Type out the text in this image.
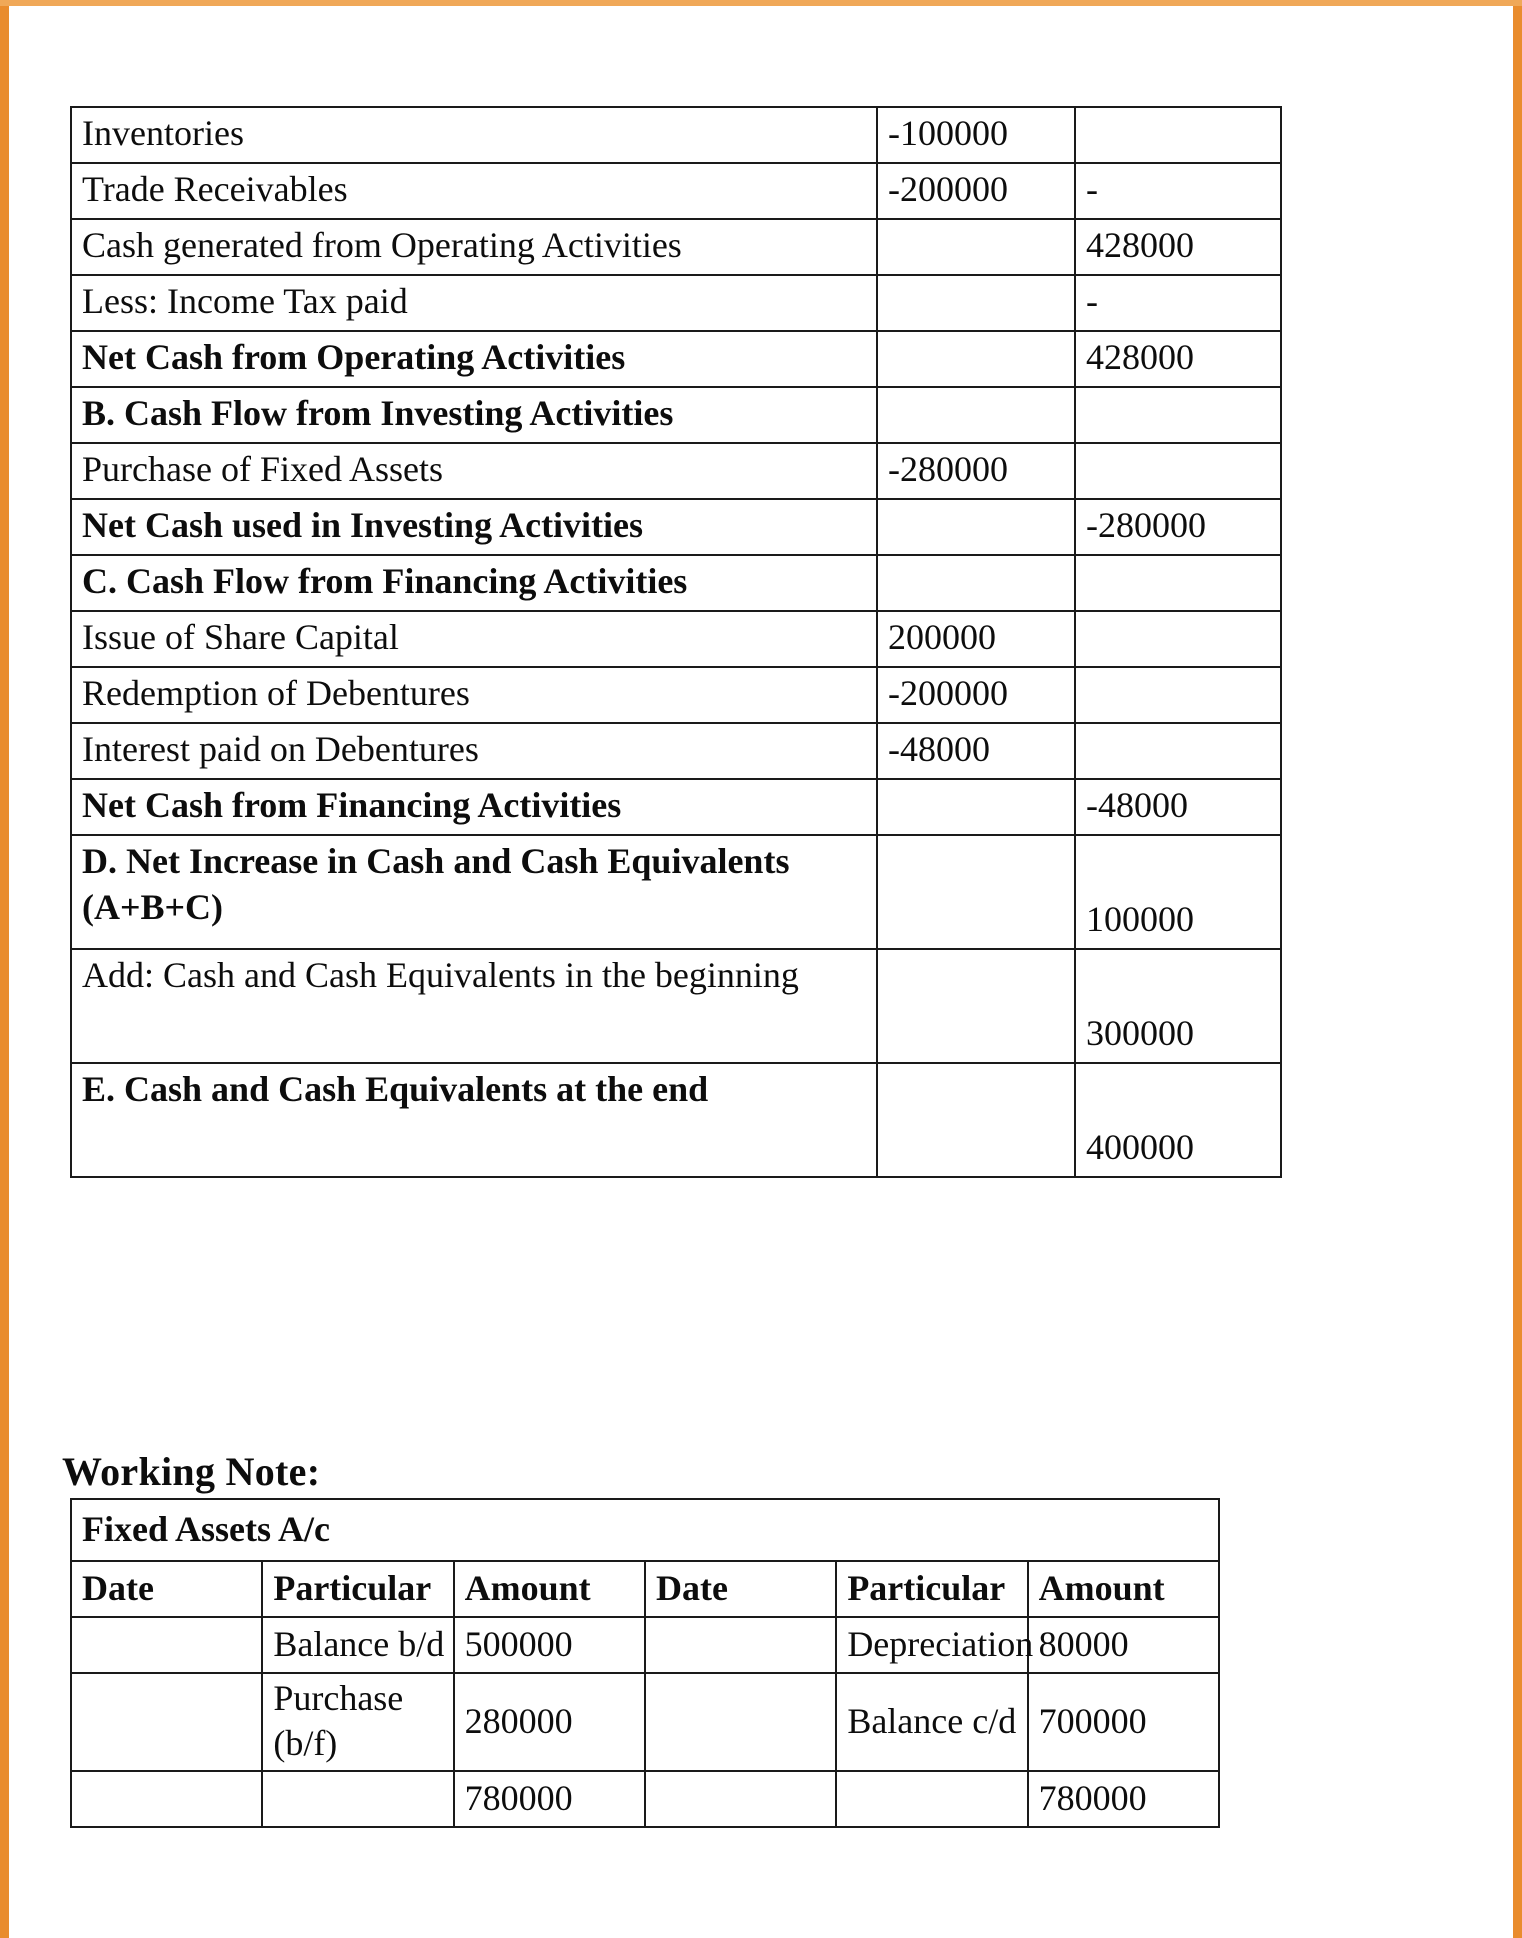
Inventories	-100000	
Trade Receivables	-200000	-
Cash generated from Operating Activities		428000
Less: Income Tax paid		-
Net Cash from Operating Activities		428000
B. Cash Flow from Investing Activities		
Purchase of Fixed Assets	-280000	
Net Cash used in Investing Activities		-280000
C. Cash Flow from Financing Activities		
Issue of Share Capital	200000	
Redemption of Debentures	-200000	
Interest paid on Debentures	-48000	
Net Cash from Financing Activities		-48000
D. Net Increase in Cash and Cash Equivalents (A+B+C)		100000
Add: Cash and Cash Equivalents in the beginning		300000
E. Cash and Cash Equivalents at the end		400000
Working Note:
Fixed Assets A/c					
Date	Particular	Amount	Date	Particular	Amount
	Balance b/d	500000		Depreciation	80000
	Purchase (b/f)	280000		Balance c/d	700000
		780000			780000
